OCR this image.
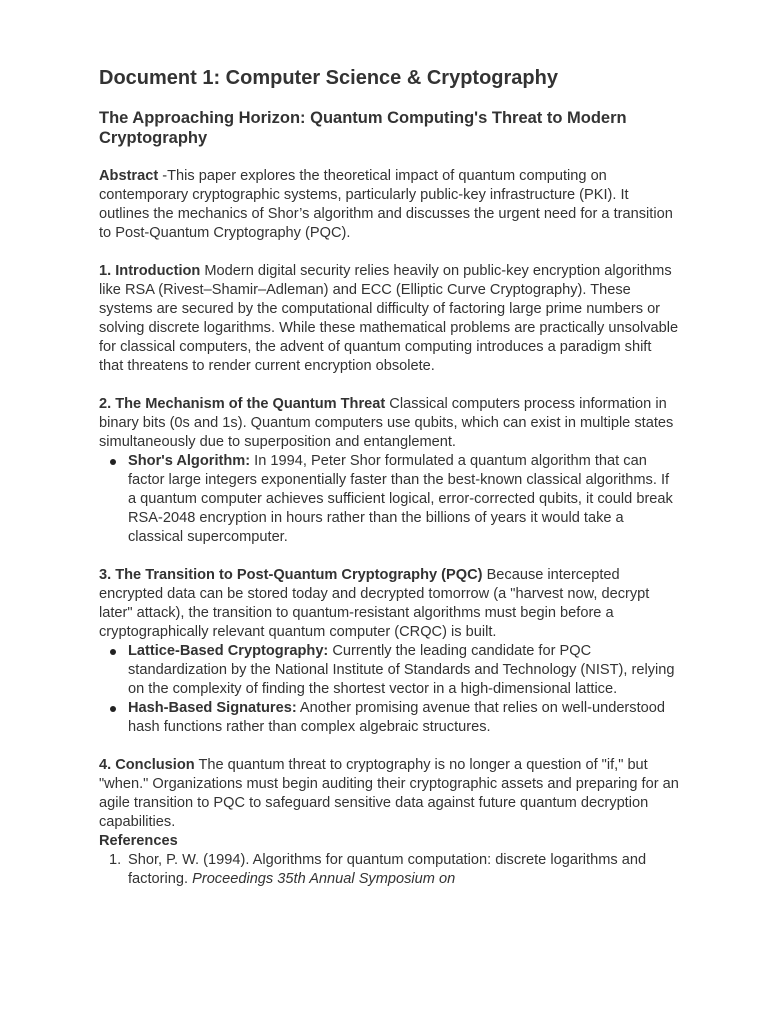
Document 1: Computer Science & Cryptography
The Approaching Horizon: Quantum Computing's Threat to Modern Cryptography

Abstract -This paper explores the theoretical impact of quantum computing on contemporary cryptographic systems, particularly public-key infrastructure (PKI). It outlines the mechanics of Shor’s algorithm and discusses the urgent need for a transition to Post-Quantum Cryptography (PQC).

1. Introduction Modern digital security relies heavily on public-key encryption algorithms like RSA (Rivest–Shamir–Adleman) and ECC (Elliptic Curve Cryptography). These systems are secured by the computational difficulty of factoring large prime numbers or solving discrete logarithms. While these mathematical problems are practically unsolvable for classical computers, the advent of quantum computing introduces a paradigm shift that threatens to render current encryption obsolete.

2. The Mechanism of the Quantum Threat Classical computers process information in binary bits (0s and 1s). Quantum computers use qubits, which can exist in multiple states simultaneously due to superposition and entanglement.

Shor's Algorithm: In 1994, Peter Shor formulated a quantum algorithm that can factor large integers exponentially faster than the best-known classical algorithms. If a quantum computer achieves sufficient logical, error-corrected qubits, it could break RSA-2048 encryption in hours rather than the billions of years it would take a classical supercomputer.

3. The Transition to Post-Quantum Cryptography (PQC) Because intercepted encrypted data can be stored today and decrypted tomorrow (a "harvest now, decrypt later" attack), the transition to quantum-resistant algorithms must begin before a cryptographically relevant quantum computer (CRQC) is built.

Lattice-Based Cryptography: Currently the leading candidate for PQC standardization by the National Institute of Standards and Technology (NIST), relying on the complexity of finding the shortest vector in a high-dimensional lattice.
Hash-Based Signatures: Another promising avenue that relies on well-understood hash functions rather than complex algebraic structures.

4. Conclusion The quantum threat to cryptography is no longer a question of "if," but "when." Organizations must begin auditing their cryptographic assets and preparing for an agile transition to PQC to safeguard sensitive data against future quantum decryption capabilities.

References

1. Shor, P. W. (1994). Algorithms for quantum computation: discrete logarithms and factoring. Proceedings 35th Annual Symposium on
